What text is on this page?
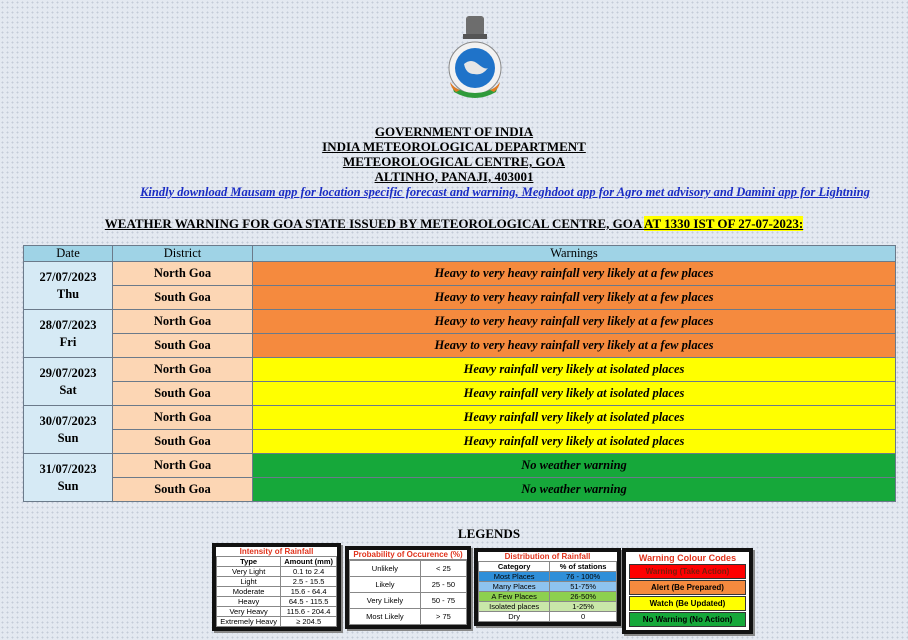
GOVERNMENT OF INDIA
INDIA METEOROLOGICAL DEPARTMENT
METEOROLOGICAL CENTRE, GOA
ALTINHO, PANAJI, 403001
Kindly download Mausam app for location specific forecast and warning, Meghdoot app for Agro met advisory and Damini app for Lightning
WEATHER WARNING FOR GOA STATE ISSUED BY METEOROLOGICAL CENTRE, GOA AT 1330 IST OF 27-07-2023:
Date	District	Warnings

27/07/2023
Thu	North Goa	Heavy to very heavy rainfall very likely at a few places
	South Goa	Heavy to very heavy rainfall very likely at a few places

28/07/2023
Fri	North Goa	Heavy to very heavy rainfall very likely at a few places
	South Goa	Heavy to very heavy rainfall very likely at a few places

29/07/2023
Sat	North Goa	Heavy rainfall very likely at isolated places
	South Goa	Heavy rainfall very likely at isolated places

30/07/2023
Sun	North Goa	Heavy rainfall very likely at isolated places
	South Goa	Heavy rainfall very likely at isolated places

31/07/2023
Sun	North Goa	No weather warning
	South Goa	No weather warning
LEGENDS
Intensity of Rainfall
Type	Amount (mm)
Very Light	0.1 to 2.4
Light	2.5 - 15.5
Moderate	15.6 - 64.4
Heavy	64.5 - 115.5
Very Heavy	115.6 - 204.4
Extremely Heavy	≥ 204.5
Probability of Occurence (%)
Unlikely	< 25
Likely	25 - 50
Very Likely	50 - 75
Most Likely	> 75
Distribution of Rainfall
Category	% of stations
Most Places	76 - 100%
Many Places	51-75%
A Few Places	26-50%
Isolated places	1-25%
Dry	0
Warning Colour Codes
Warning (Take Action)
Alert (Be Prepared)
Watch (Be Updated)
No Warning (No Action)
